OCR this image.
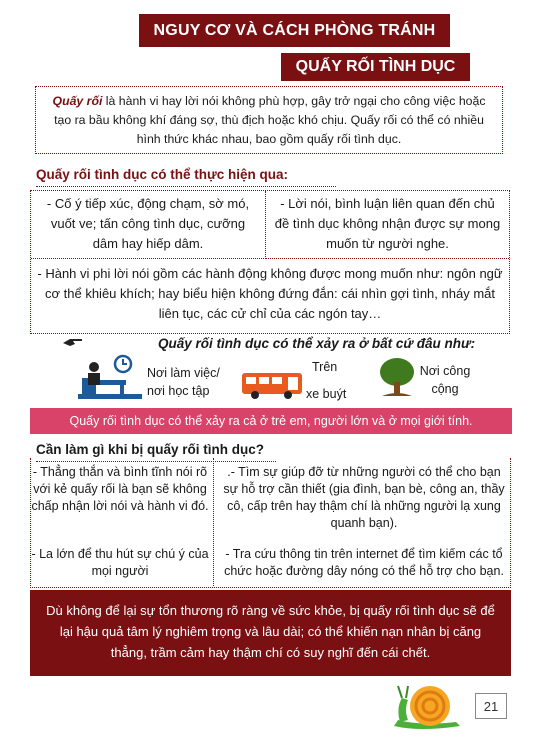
NGUY CƠ VÀ CÁCH PHÒNG TRÁNH
QUẤY RỐI TÌNH DỤC
Quấy rối là hành vi hay lời nói không phù hợp, gây trở ngại cho công việc hoặc tạo ra bầu không khí đáng sợ, thù địch hoặc khó chịu. Quấy rối có thể có nhiều hình thức khác nhau, bao gồm quấy rối tình dục.
Quấy rối tình dục có thể thực hiện qua:
- Cố ý tiếp xúc, động chạm, sờ mó, vuốt ve; tấn công tình dục, cưỡng dâm hay hiếp dâm.
- Lời nói, bình luận liên quan đến chủ đề tình dục không nhận được sự mong muốn từ người nghe.
- Hành vi phi lời nói gồm các hành động không được mong muốn như: ngôn ngữ cơ thể khiêu khích; hay biểu hiện không đứng đắn: cái nhìn gợi tình, nháy mắt liên tục, các cử chỉ của các ngón tay…
Quấy rối tình dục có thể xảy ra ở bất cứ đâu như:
Nơi làm việc/ nơi học tập
Trên
xe buýt
Nơi công cộng
Quấy rối tình dục có thể xảy ra cả ở trẻ em, người lớn và ở mọi giới tính.
Cần làm gì khi bị quấy rối tình dục?
- Thẳng thắn và bình tĩnh nói rõ với kẻ quấy rối là bạn sẽ không chấp nhận lời nói và hành vi đó.
- La lớn để thu hút sự chú ý của mọi người
.- Tìm sự giúp đỡ từ những người có thể cho bạn sự hỗ trợ cần thiết (gia đình, bạn bè, công an, thầy cô, cấp trên hay thậm chí là những người lạ xung quanh bạn).
- Tra cứu thông tin trên internet để tìm kiếm các tổ chức hoặc đường dây nóng có thể hỗ trợ cho bạn.
Dù không để lại sự tổn thương rõ ràng về sức khỏe, bị quấy rối tình dục sẽ để lại hậu quả tâm lý nghiêm trọng và lâu dài; có thể khiến nạn nhân bị căng thẳng, trầm cảm hay thậm chí có suy nghĩ đến cái chết.
21
